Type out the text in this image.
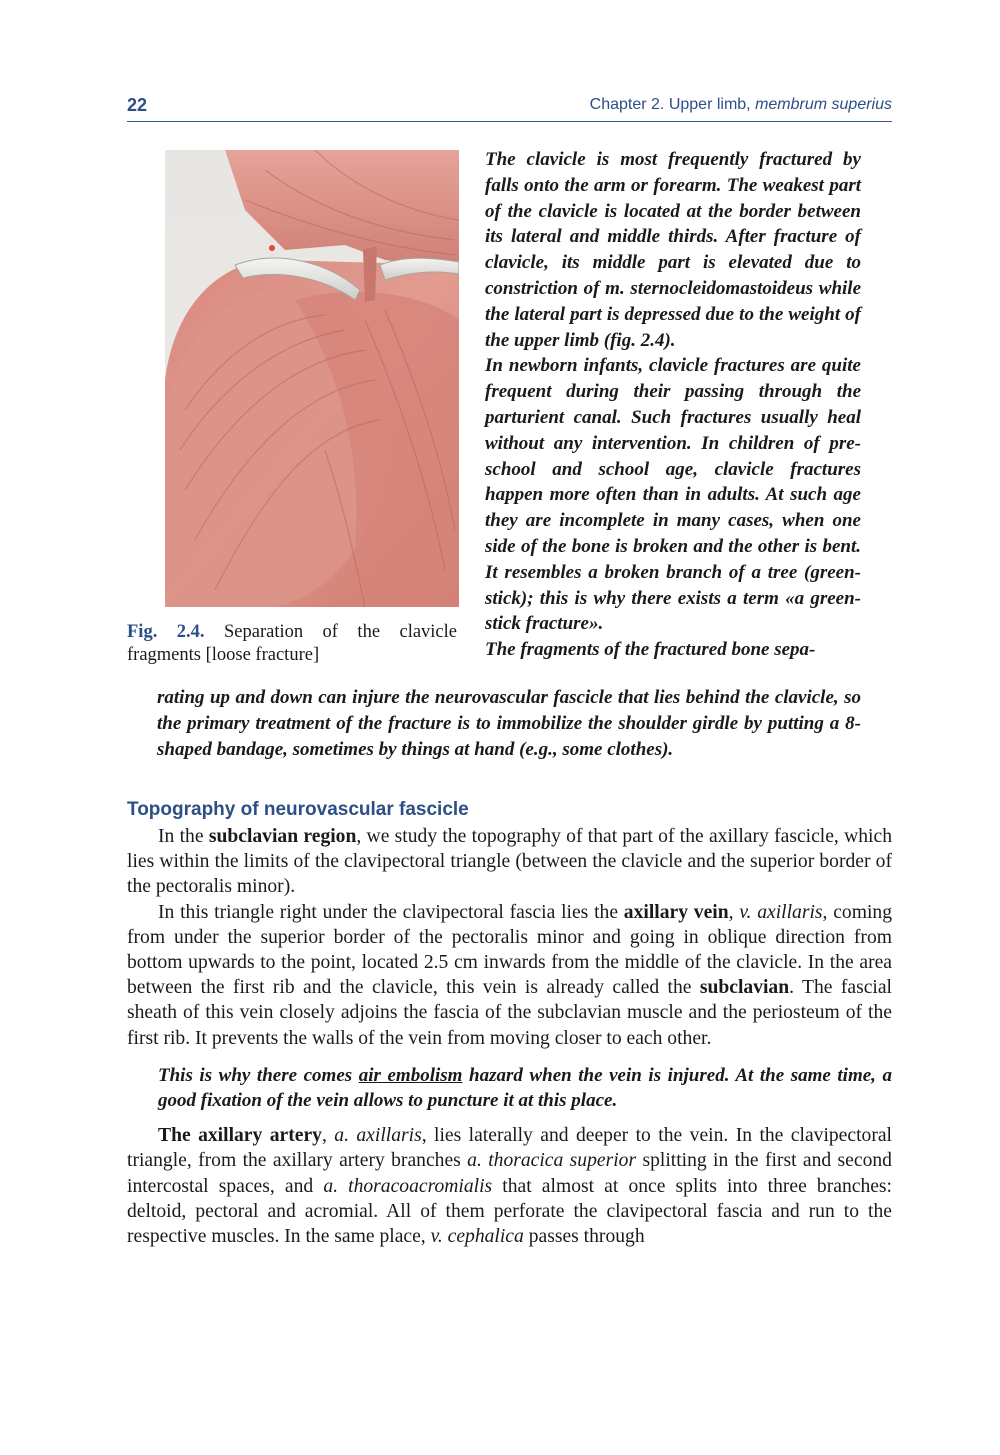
22	Chapter 2. Upper limb, membrum superius
Fig. 2.4. Separation of the clavicle fragments [loose fracture]

The clavicle is most frequently fractured by falls onto the arm or forearm. The weakest part of the clavicle is located at the border between its lateral and middle thirds. After fracture of clavicle, its middle part is elevated due to constriction of m. sternocleidomastoideus while the lateral part is depressed due to the weight of the upper limb (fig. 2.4).

In newborn infants, clavicle fractures are quite frequent during their passing through the parturient canal. Such fractures usually heal without any intervention. In children of pre-school and school age, clavicle fractures happen more often than in adults. At such age they are incomplete in many cases, when one side of the bone is broken and the other is bent. It resembles a broken branch of a tree (green-stick); this is why there exists a term «a green-stick fracture».

The fragments of the fractured bone sepa-

rating up and down can injure the neurovascular fascicle that lies behind the clavicle, so the primary treatment of the fracture is to immobilize the shoulder girdle by putting a 8-shaped bandage, sometimes by things at hand (e.g., some clothes).

Topography of neurovascular fascicle

In the subclavian region, we study the topography of that part of the axillary fascicle, which lies within the limits of the clavipectoral triangle (between the clavicle and the superior border of the pectoralis minor).

In this triangle right under the clavipectoral fascia lies the axillary vein, v. axillaris, coming from under the superior border of the pectoralis minor and going in oblique direction from bottom upwards to the point, located 2.5 cm inwards from the middle of the clavicle. In the area between the first rib and the clavicle, this vein is already called the subclavian. The fascial sheath of this vein closely adjoins the fascia of the subclavian muscle and the periosteum of the first rib. It prevents the walls of the vein from moving closer to each other.

This is why there comes air embolism hazard when the vein is injured. At the same time, a good fixation of the vein allows to puncture it at this place.

The axillary artery, a. axillaris, lies laterally and deeper to the vein. In the clavipectoral triangle, from the axillary artery branches a. thoracica superior splitting in the first and second intercostal spaces, and a. thoracoacromialis that almost at once splits into three branches: deltoid, pectoral and acromial. All of them perforate the clavipectoral fascia and run to the respective muscles. In the same place, v. cephalica passes through
